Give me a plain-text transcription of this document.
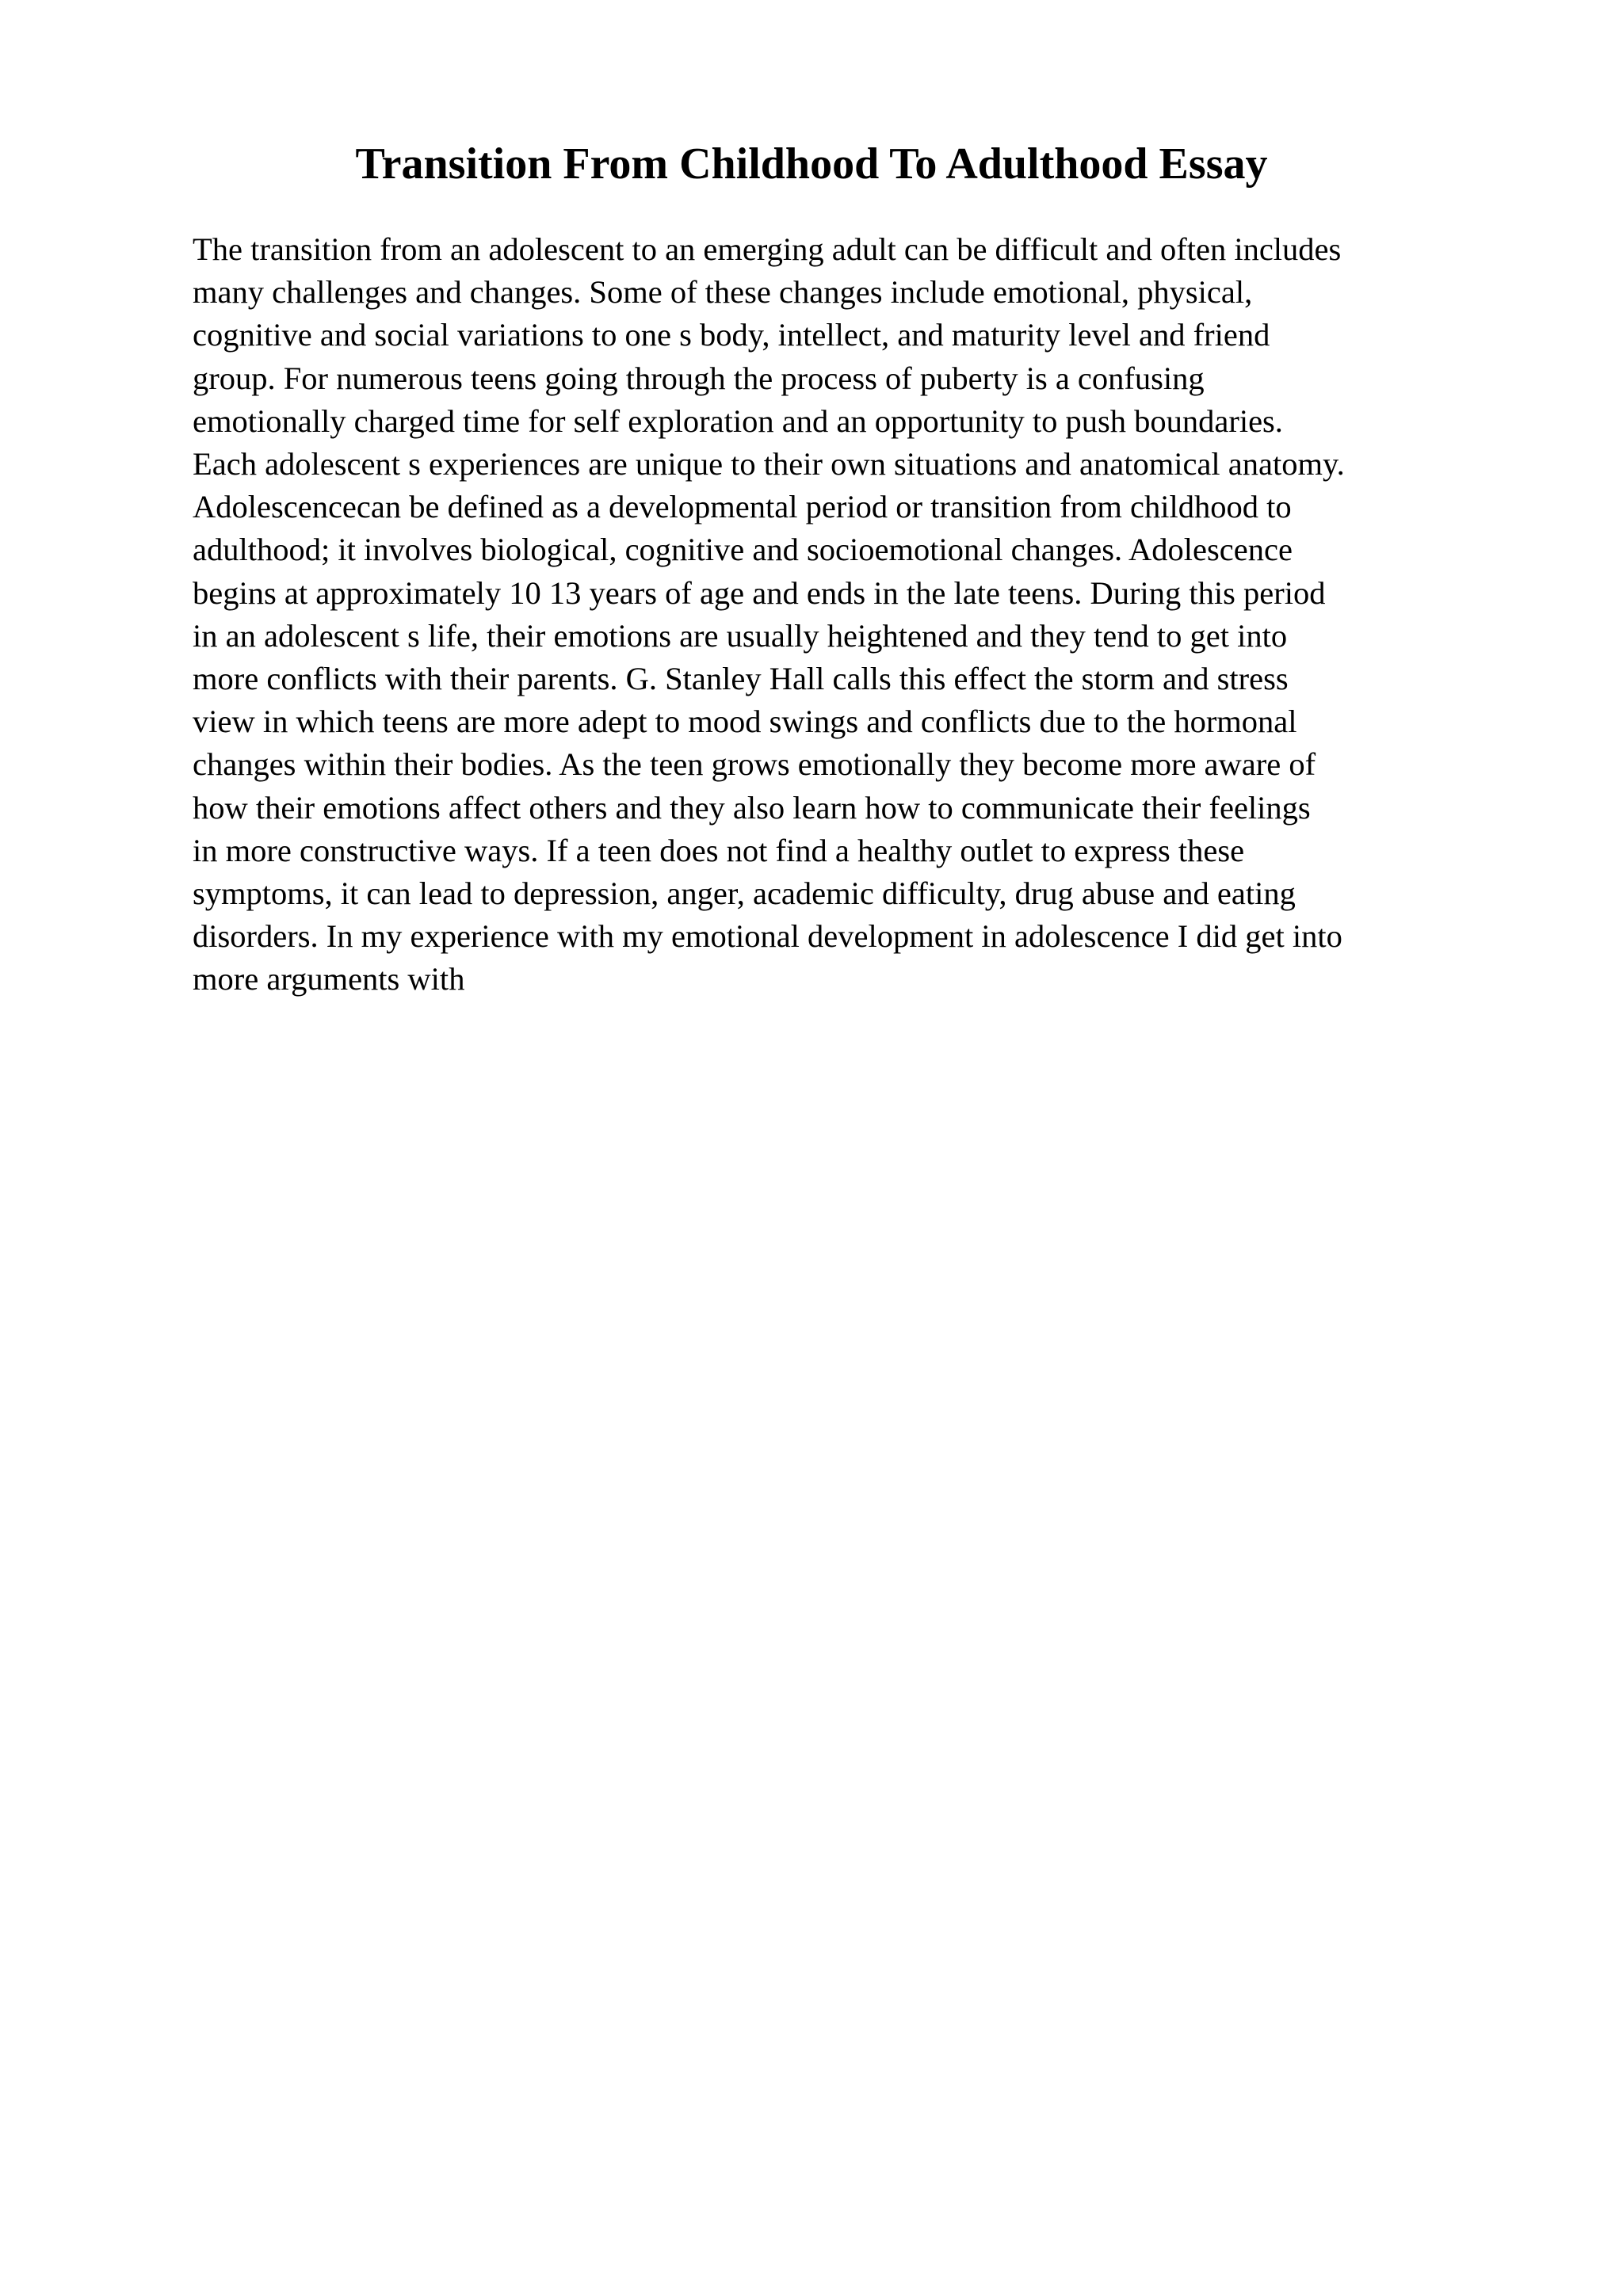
Transition From Childhood To Adulthood Essay
The transition from an adolescent to an emerging adult can be difficult and often includes
many challenges and changes. Some of these changes include emotional, physical,
cognitive and social variations to one s body, intellect, and maturity level and friend
group. For numerous teens going through the process of puberty is a confusing
emotionally charged time for self exploration and an opportunity to push boundaries.
Each adolescent s experiences are unique to their own situations and anatomical anatomy.
Adolescencecan be defined as a developmental period or transition from childhood to
adulthood; it involves biological, cognitive and socioemotional changes. Adolescence
begins at approximately 10 13 years of age and ends in the late teens. During this period
in an adolescent s life, their emotions are usually heightened and they tend to get into
more conflicts with their parents. G. Stanley Hall calls this effect the storm and stress
view in which teens are more adept to mood swings and conflicts due to the hormonal
changes within their bodies. As the teen grows emotionally they become more aware of
how their emotions affect others and they also learn how to communicate their feelings
in more constructive ways. If a teen does not find a healthy outlet to express these
symptoms, it can lead to depression, anger, academic difficulty, drug abuse and eating
disorders. In my experience with my emotional development in adolescence I did get into
more arguments with
